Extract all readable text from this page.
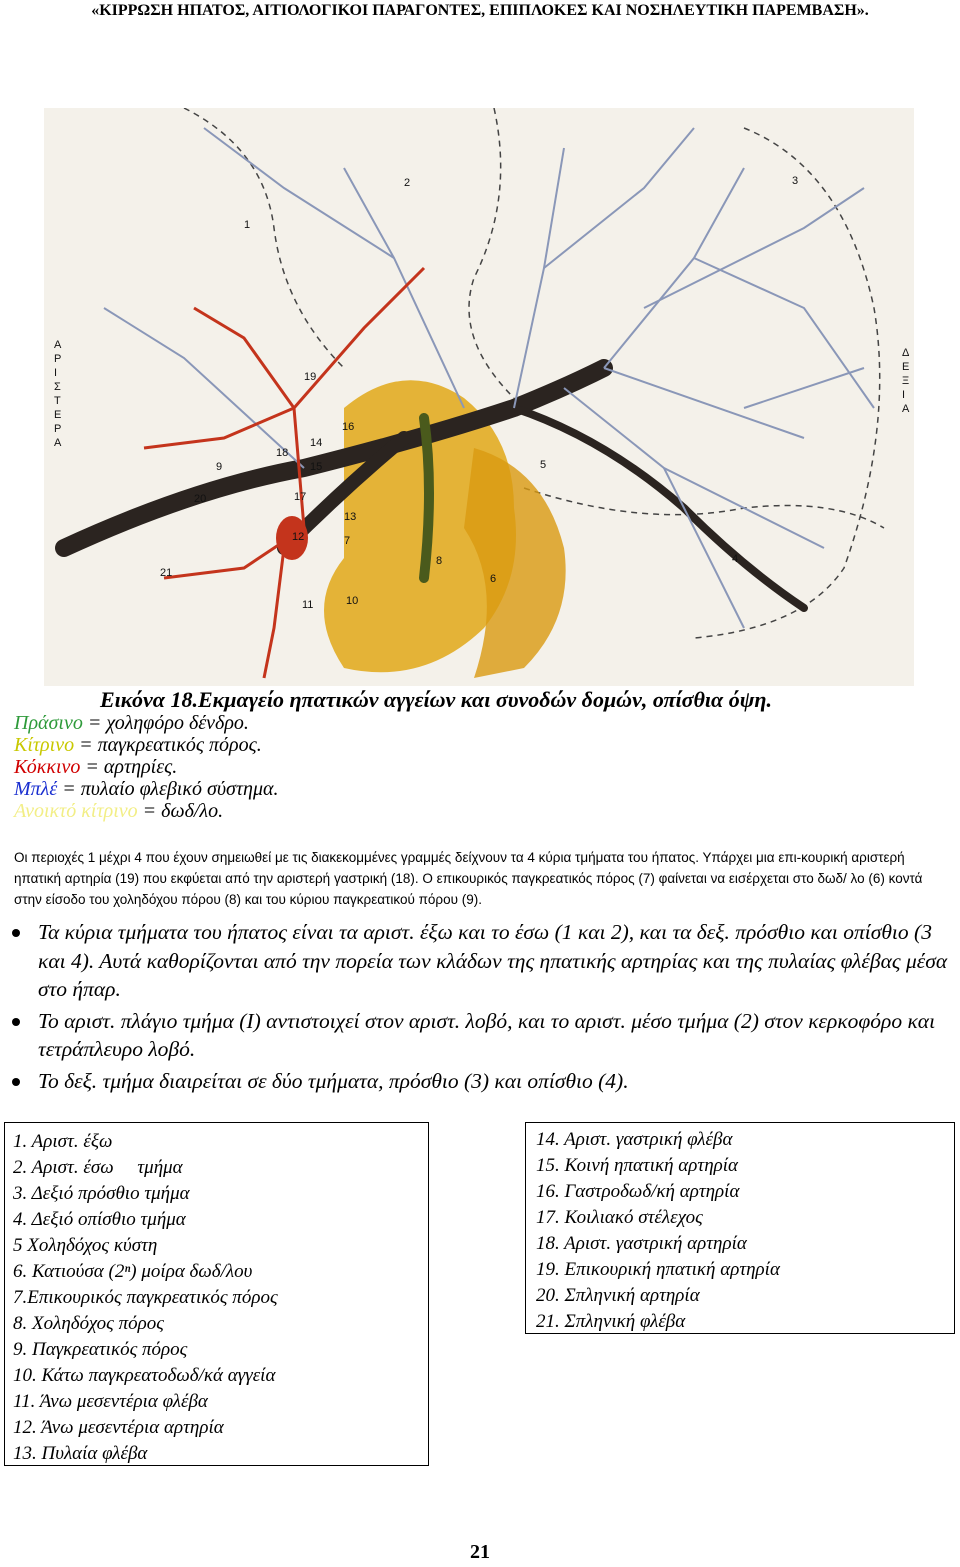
«ΚΙΡΡΩΣΗ ΗΠΑΤΟΣ, ΑΙΤΙΟΛΟΓΙΚΟΙ ΠΑΡΑΓΟΝΤΕΣ, ΕΠΙΠΛΟΚΕΣ ΚΑΙ ΝΟΣΗΛΕΥΤΙΚΗ ΠΑΡΕΜΒΑΣΗ».
Α
Ρ
Ι
Σ
Τ
Ε
Ρ
Α
Δ
Ε
Ξ
Ι
Α
1
2	3
4
5
6
7
8
9
10
11
12
13
14
15
16
17
18
19
20
21
Εικόνα 18.Εκμαγείο ηπατικών αγγείων και συνοδών δομών, οπίσθια όψη.
Πράσινο = χοληφόρο δένδρο.
Κίτρινο = παγκρεατικός πόρος.
Κόκκινο = αρτηρίες.
Μπλέ = πυλαίο φλεβικό σύστημα.
Ανοικτό κίτρινο = δωδ/λο.
Οι περιοχές 1 μέχρι 4 που έχουν σημειωθεί με τις διακεκομμένες γραμμές δείχνουν τα 4 κύρια τμήματα του ήπατος. Υπάρχει μια επι-κουρική αριστερή ηπατική αρτηρία (19) που εκφύεται από την αριστερή γαστρική (18). Ο επικουρικός παγκρεατικός πόρος (7) φαίνεται να εισέρχεται στο δωδ/ λο (6) κοντά στην είσοδο του χοληδόχου πόρου (8) και του κύριου παγκρεατικού πόρου (9).
Τα κύρια τμήματα του ήπατος είναι τα αριστ. έξω και το έσω (1 και 2), και τα δεξ. πρόσθιο και οπίσθιο (3 και 4). Αυτά καθορίζονται από την πορεία των κλάδων της ηπατικής αρτηρίας και της πυλαίας φλέβας μέσα στο ήπαρ.
Το αριστ. πλάγιο τμήμα (Ι) αντιστοιχεί στον αριστ. λοβό, και το αριστ. μέσο τμήμα (2) στον κερκοφόρο και τετράπλευρο λοβό.
Το δεξ. τμήμα διαιρείται σε δύο τμήματα, πρόσθιο (3) και οπίσθιο (4).
1. Αριστ. έξω
2. Αριστ. έσω     τμήμα
3. Δεξιό πρόσθιο τμήμα
4. Δεξιό οπίσθιο τμήμα
5 Χοληδόχος κύστη
6. Κατιούσα (2ⁿ) μοίρα δωδ/λου
7.Επικουρικός παγκρεατικός πόρος
8. Χοληδόχος πόρος
9. Παγκρεατικός πόρος
10. Κάτω παγκρεατοδωδ/κά αγγεία
11. Άνω μεσεντέρια φλέβα
12. Άνω μεσεντέρια αρτηρία
13. Πυλαία φλέβα
14. Αριστ. γαστρική φλέβα
15. Κοινή ηπατική αρτηρία
16. Γαστροδωδ/κή αρτηρία
17. Κοιλιακό στέλεχος
18. Αριστ. γαστρική αρτηρία
19. Επικουρική ηπατική αρτηρία
20. Σπληνική αρτηρία
21. Σπληνική φλέβα
21
